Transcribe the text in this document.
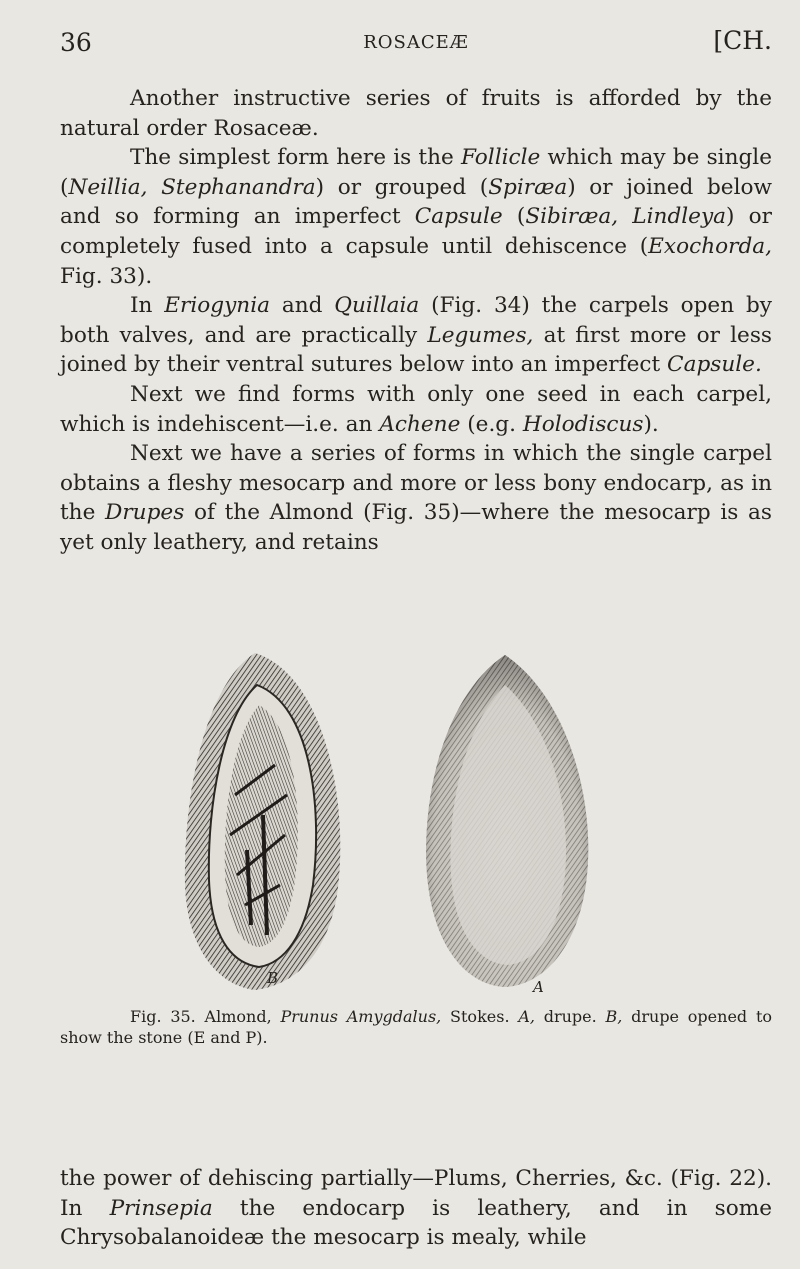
36	ROSACEÆ	[CH.

Another instructive series of fruits is afforded by the natural order Rosaceæ.

The simplest form here is the Follicle which may be single (Neillia, Stephanandra) or grouped (Spiræa) or joined below and so forming an imperfect Capsule (Sibiræa, Lindleya) or completely fused into a capsule until dehiscence (Exochorda, Fig. 33).

In Eriogynia and Quillaia (Fig. 34) the carpels open by both valves, and are practically Legumes, at first more or less joined by their ventral sutures below into an imperfect Capsule.

Next we find forms with only one seed in each carpel, which is indehiscent—i.e. an Achene (e.g. Holodiscus).

Next we have a series of forms in which the single carpel obtains a fleshy mesocarp and more or less bony endocarp, as in the Drupes of the Almond (Fig. 35)—where the mesocarp is as yet only leathery, and retains

B	A
Fig. 35. Almond, Prunus Amygdalus, Stokes. A, drupe. B, drupe opened to show the stone (E and P).

the power of dehiscing partially—Plums, Cherries, &c. (Fig. 22). In Prinsepia the endocarp is leathery, and in some Chrysobalanoideæ the mesocarp is mealy, while
